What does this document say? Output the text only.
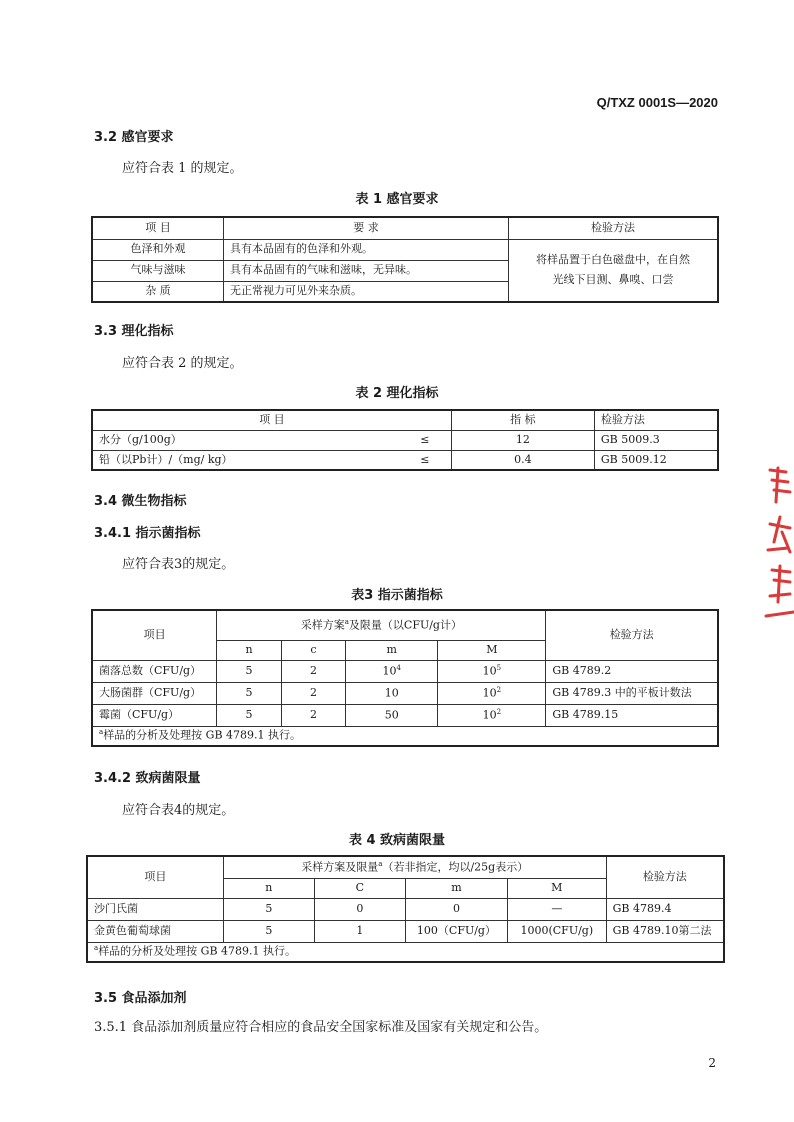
Q/TXZ 0001S—2020
3.2 感官要求
应符合表 1 的规定。
表 1 感官要求
项 目	要 求	检验方法
色泽和外观	具有本品固有的色泽和外观。	将样品置于白色磁盘中，在自然
光线下目测、鼻嗅、口尝

气味与滋味	具有本品固有的气味和滋味，无异味。	
杂 质	无正常视力可见外来杂质。	
3.3 理化指标
应符合表 2 的规定。
表 2 理化指标
项 目		指 标	检验方法
水分（g/100g）	≤	12	GB 5009.3
铅（以Pb计）/（mg/ kg）	≤	0.4	GB 5009.12
3.4 微生物指标
3.4.1 指示菌指标
应符合表3的规定。
表3 指示菌指标
项目	采样方案$^a$及限量（以CFU/g计）				检验方法
	n	c	m	M	
菌落总数（CFU/g）	5	2	$10^4$	$10^5$	GB 4789.2
大肠菌群（CFU/g）	5	2	10	$10^2$	GB 4789.3 中的平板计数法
霉菌（CFU/g）	5	2	50	$10^2$	GB 4789.15
$^a$样品的分析及处理按 GB 4789.1 执行。					
3.4.2 致病菌限量
应符合表4的规定。
表 4 致病菌限量
项目	采样方案及限量$^a$（若非指定，均以/25g表示）				检验方法
	n	C	m	M	
沙门氏菌	5	0	0	—	GB 4789.4
金黄色葡萄球菌	5	1	100（CFU/g）	1000(CFU/g)	GB 4789.10第二法
$^a$样品的分析及处理按 GB 4789.1 执行。					
3.5 食品添加剂
3.5.1 食品添加剂质量应符合相应的食品安全国家标准及国家有关规定和公告。
2
